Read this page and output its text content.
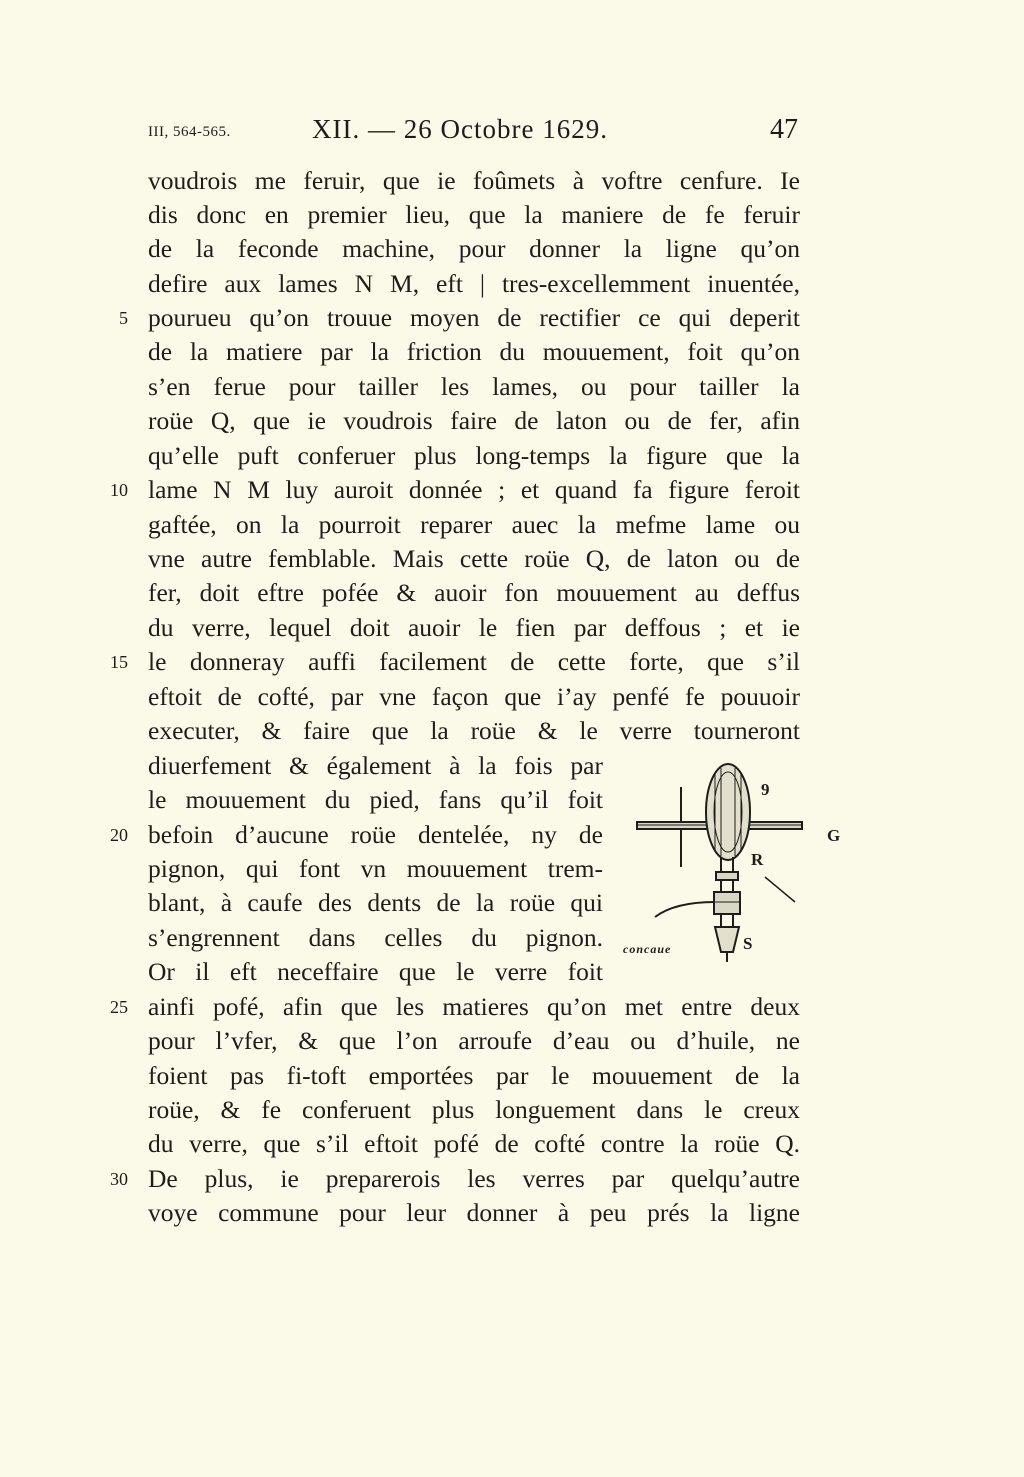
III, 564-565.	XII. — 26 Octobre 1629.	47
voudrois me feruir, que ie foûmets à voftre cenfure. Ie
dis donc en premier lieu, que la maniere de fe feruir
de la feconde machine, pour donner la ligne qu’on
defire aux lames N M, eft | tres-excellemment inuentée,
pourueu qu’on trouue moyen de rectifier ce qui deperit
de la matiere par la friction du mouuement, foit qu’on
s’en ferue pour tailler les lames, ou pour tailler la
roüe Q, que ie voudrois faire de laton ou de fer, afin
qu’elle puft conferuer plus long-temps la figure que la
lame N M luy auroit donnée ; et quand fa figure feroit
gaftée, on la pourroit reparer auec la mefme lame ou
vne autre femblable. Mais cette roüe Q, de laton ou de
fer, doit eftre pofée & auoir fon mouuement au deffus
du verre, lequel doit auoir le fien par deffous ; et ie
le donneray auffi facilement de cette forte, que s’il
eftoit de cofté, par vne façon que i’ay penfé fe pouuoir
executer, & faire que la roüe & le verre tourneront
diuerfement & également à la fois par
le mouuement du pied, fans qu’il foit
befoin d’aucune roüe dentelée, ny de
pignon, qui font vn mouuement trem-
blant, à caufe des dents de la roüe qui
s’engrennent dans celles du pignon.
Or il eft neceffaire que le verre foit
ainfi pofé, afin que les matieres qu’on met entre deux
pour l’vfer, & que l’on arroufe d’eau ou d’huile, ne
foient pas fi-toft emportées par le mouuement de la
roüe, & fe conferuent plus longuement dans le creux
du verre, que s’il eftoit pofé de cofté contre la roüe Q.
De plus, ie preparerois les verres par quelqu’autre
voye commune pour leur donner à peu prés la ligne
5
10
15
20
25
30
9
G
R
S
concaue
